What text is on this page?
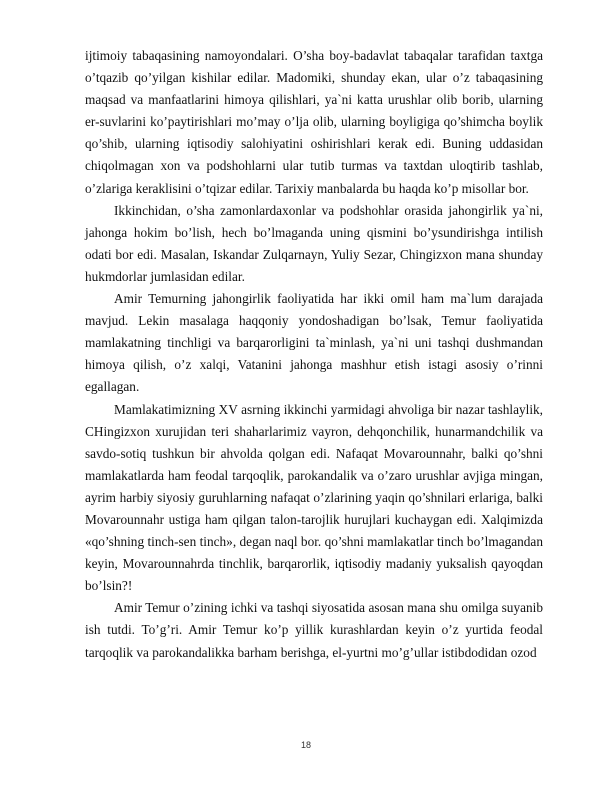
ijtimoiy tabaqasining namoyondalari. O’sha boy-badavlat tabaqalar tarafidan taxtga o’tqazib qo’yilgan kishilar edilar. Madomiki, shunday ekan, ular o’z tabaqasining maqsad va manfaatlarini himoya qilishlari, ya`ni katta urushlar olib borib, ularning er-suvlarini ko’paytirishlari mo’may o’lja olib, ularning boyligiga qo’shimcha boylik qo’shib, ularning iqtisodiy salohiyatini oshirishlari kerak edi. Buning uddasidan chiqolmagan xon va podshohlarni ular tutib turmas va taxtdan uloqtirib tashlab, o’zlariga keraklisini o’tqizar edilar. Tarixiy manbalarda bu haqda ko’p misollar bor.

Ikkinchidan, o’sha zamonlardaxonlar va podshohlar orasida jahongirlik ya`ni, jahonga hokim bo’lish, hech bo’lmaganda uning qismini bo’ysundirishga intilish odati bor edi. Masalan, Iskandar Zulqarnayn, Yuliy Sezar, Chingizxon mana shunday hukmdorlar jumlasidan edilar.

Amir Temurning jahongirlik faoliyatida har ikki omil ham ma`lum darajada mavjud. Lekin masalaga haqqoniy yondoshadigan bo’lsak, Temur faoliyatida mamlakatning tinchligi va barqarorligini ta`minlash, ya`ni uni tashqi dushmandan himoya qilish, o’z xalqi, Vatanini jahonga mashhur etish istagi asosiy o’rinni egallagan.

Mamlakatimizning XV asrning ikkinchi yarmidagi ahvoliga bir nazar tashlaylik, CHingizxon xurujidan teri shaharlarimiz vayron, dehqonchilik, hunarmandchilik va savdo-sotiq tushkun bir ahvolda qolgan edi. Nafaqat Movarounnahr, balki qo’shni mamlakatlarda ham feodal tarqoqlik, parokandalik va o’zaro urushlar avjiga mingan, ayrim harbiy siyosiy guruhlarning nafaqat o’zlarining yaqin qo’shnilari erlariga, balki Movarounnahr ustiga ham qilgan talon-tarojlik hurujlari kuchaygan edi. Xalqimizda «qo’shning tinch-sen tinch», degan naql bor. qo’shni mamlakatlar tinch bo’lmagandan keyin, Movarounnahrda tinchlik, barqarorlik, iqtisodiy madaniy yuksalish qayoqdan bo’lsin?!

Amir Temur o’zining ichki va tashqi siyosatida asosan mana shu omilga suyanib ish tutdi. To’g’ri. Amir Temur ko’p yillik kurashlardan keyin o’z yurtida feodal tarqoqlik va parokandalikka barham berishga, el-yurtni mo’g’ullar istibdodidan ozod

18
